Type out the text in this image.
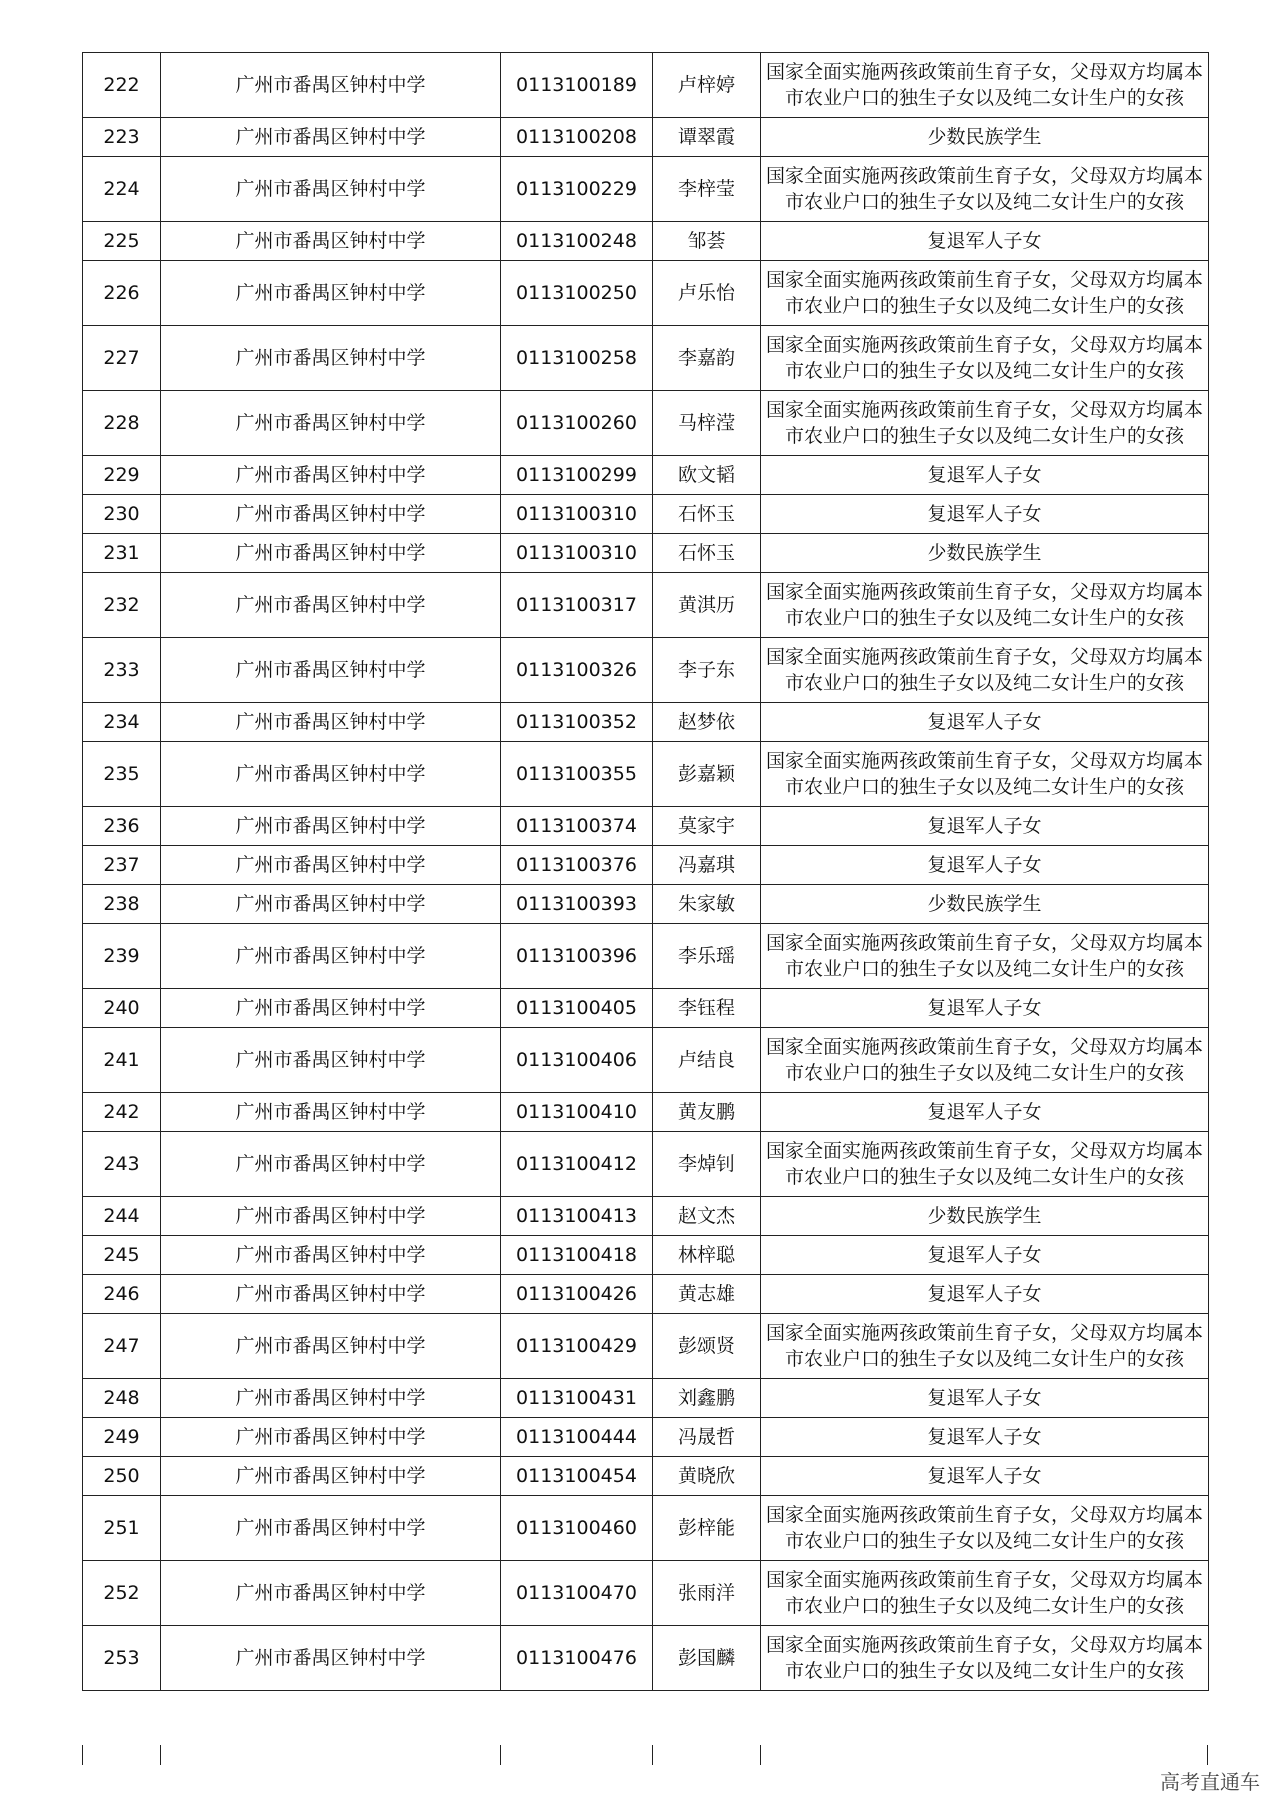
222	广州市番禺区钟村中学	0113100189	卢梓婷	国家全面实施两孩政策前生育子女，父母双方均属本市农业户口的独生子女以及纯二女计生户的女孩
223	广州市番禺区钟村中学	0113100208	谭翠霞	少数民族学生
224	广州市番禺区钟村中学	0113100229	李梓莹	国家全面实施两孩政策前生育子女，父母双方均属本市农业户口的独生子女以及纯二女计生户的女孩
225	广州市番禺区钟村中学	0113100248	邹荟	复退军人子女
226	广州市番禺区钟村中学	0113100250	卢乐怡	国家全面实施两孩政策前生育子女，父母双方均属本市农业户口的独生子女以及纯二女计生户的女孩
227	广州市番禺区钟村中学	0113100258	李嘉韵	国家全面实施两孩政策前生育子女，父母双方均属本市农业户口的独生子女以及纯二女计生户的女孩
228	广州市番禺区钟村中学	0113100260	马梓滢	国家全面实施两孩政策前生育子女，父母双方均属本市农业户口的独生子女以及纯二女计生户的女孩
229	广州市番禺区钟村中学	0113100299	欧文韬	复退军人子女
230	广州市番禺区钟村中学	0113100310	石怀玉	复退军人子女
231	广州市番禺区钟村中学	0113100310	石怀玉	少数民族学生
232	广州市番禺区钟村中学	0113100317	黄淇历	国家全面实施两孩政策前生育子女，父母双方均属本市农业户口的独生子女以及纯二女计生户的女孩
233	广州市番禺区钟村中学	0113100326	李子东	国家全面实施两孩政策前生育子女，父母双方均属本市农业户口的独生子女以及纯二女计生户的女孩
234	广州市番禺区钟村中学	0113100352	赵梦依	复退军人子女
235	广州市番禺区钟村中学	0113100355	彭嘉颖	国家全面实施两孩政策前生育子女，父母双方均属本市农业户口的独生子女以及纯二女计生户的女孩
236	广州市番禺区钟村中学	0113100374	莫家宇	复退军人子女
237	广州市番禺区钟村中学	0113100376	冯嘉琪	复退军人子女
238	广州市番禺区钟村中学	0113100393	朱家敏	少数民族学生
239	广州市番禺区钟村中学	0113100396	李乐瑶	国家全面实施两孩政策前生育子女，父母双方均属本市农业户口的独生子女以及纯二女计生户的女孩
240	广州市番禺区钟村中学	0113100405	李钰程	复退军人子女
241	广州市番禺区钟村中学	0113100406	卢结良	国家全面实施两孩政策前生育子女，父母双方均属本市农业户口的独生子女以及纯二女计生户的女孩
242	广州市番禺区钟村中学	0113100410	黄友鹏	复退军人子女
243	广州市番禺区钟村中学	0113100412	李焯钊	国家全面实施两孩政策前生育子女，父母双方均属本市农业户口的独生子女以及纯二女计生户的女孩
244	广州市番禺区钟村中学	0113100413	赵文杰	少数民族学生
245	广州市番禺区钟村中学	0113100418	林梓聪	复退军人子女
246	广州市番禺区钟村中学	0113100426	黄志雄	复退军人子女
247	广州市番禺区钟村中学	0113100429	彭颂贤	国家全面实施两孩政策前生育子女，父母双方均属本市农业户口的独生子女以及纯二女计生户的女孩
248	广州市番禺区钟村中学	0113100431	刘鑫鹏	复退军人子女
249	广州市番禺区钟村中学	0113100444	冯晟哲	复退军人子女
250	广州市番禺区钟村中学	0113100454	黄晓欣	复退军人子女
251	广州市番禺区钟村中学	0113100460	彭梓能	国家全面实施两孩政策前生育子女，父母双方均属本市农业户口的独生子女以及纯二女计生户的女孩
252	广州市番禺区钟村中学	0113100470	张雨洋	国家全面实施两孩政策前生育子女，父母双方均属本市农业户口的独生子女以及纯二女计生户的女孩
253	广州市番禺区钟村中学	0113100476	彭国麟	国家全面实施两孩政策前生育子女，父母双方均属本市农业户口的独生子女以及纯二女计生户的女孩
高考直通车
